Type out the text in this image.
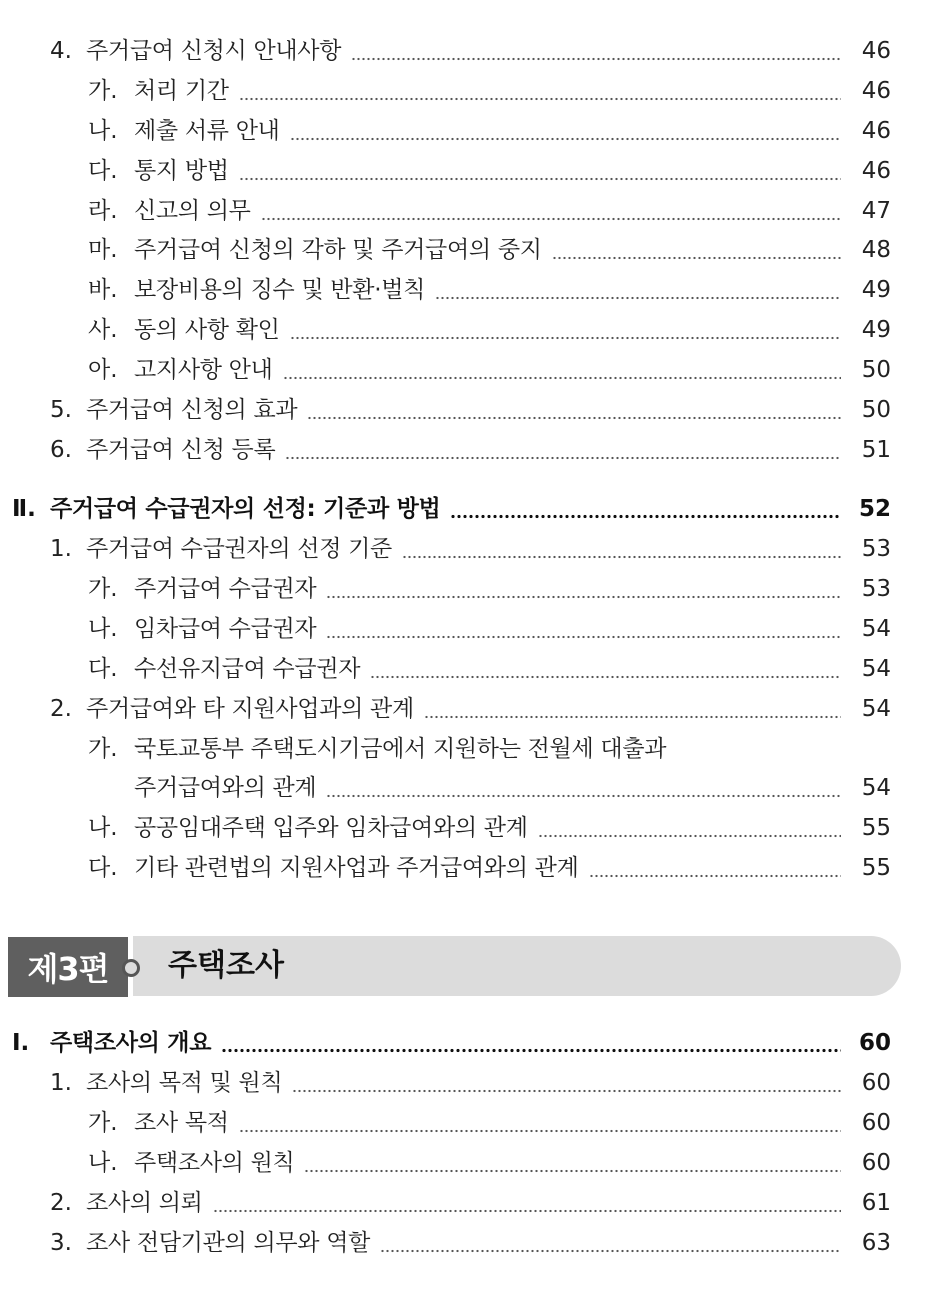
4. 주거급여 신청시 안내사항	46
가. 처리 기간	46
나. 제출 서류 안내	46
다. 통지 방법	46
라. 신고의 의무	47
마. 주거급여 신청의 각하 및 주거급여의 중지	48
바. 보장비용의 징수 및 반환·벌칙	49
사. 동의 사항 확인	49
아. 고지사항 안내	50
5. 주거급여 신청의 효과	50
6. 주거급여 신청 등록	51
Ⅱ. 주거급여 수급권자의 선정: 기준과 방법	52
1. 주거급여 수급권자의 선정 기준	53
가. 주거급여 수급권자	53
나. 임차급여 수급권자	54
다. 수선유지급여 수급권자	54
2. 주거급여와 타 지원사업과의 관계	54
가. 국토교통부 주택도시기금에서 지원하는 전월세 대출과
주거급여와의 관계	54
나. 공공임대주택 입주와 임차급여와의 관계	55
다. 기타 관련법의 지원사업과 주거급여와의 관계	55
제3편	주택조사
Ⅰ. 주택조사의 개요	60
1. 조사의 목적 및 원칙	60
가. 조사 목적	60
나. 주택조사의 원칙	60
2. 조사의 의뢰	61
3. 조사 전담기관의 의무와 역할	63
